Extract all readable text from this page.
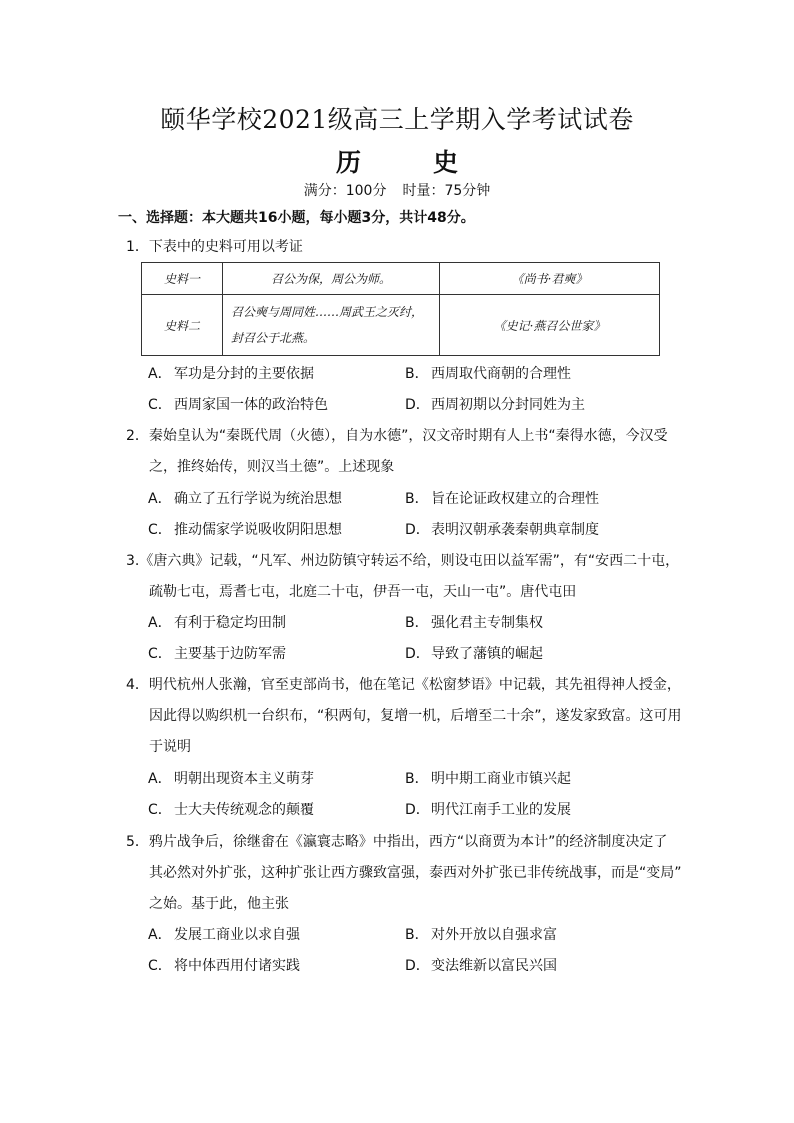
颐华学校2021级高三上学期入学考试试卷
历	史
满分：100分 时量：75分钟
一、选择题：本大题共16小题，每小题3分，共计48分。
1．下表中的史料可用以考证
史料一	召公为保，周公为师。	《尚书·君奭》
史料二	召公奭与周同姓……周武王之灭纣，
封召公于北燕。	《史记·燕召公世家》
A． 军功是分封的主要依据	B． 西周取代商朝的合理性
C． 西周家国一体的政治特色	D．西周初期以分封同姓为主
2．秦始皇认为“秦既代周（火德），自为水德”，汉文帝时期有人上书“秦得水德，今汉受
之，推终始传，则汉当土德”。上述现象
A． 确立了五行学说为统治思想	B． 旨在论证政权建立的合理性
C． 推动儒家学说吸收阴阳思想	D．表明汉朝承袭秦朝典章制度
3.《唐六典》记载，“凡军、州边防镇守转运不给，则设屯田以益军需”，有“安西二十屯，
疏勒七屯，焉耆七屯，北庭二十屯，伊吾一屯，天山一屯”。唐代屯田
A． 有利于稳定均田制	B． 强化君主专制集权
C． 主要基于边防军需	D．导致了藩镇的崛起
4．明代杭州人张瀚，官至吏部尚书，他在笔记《松窗梦语》中记载，其先祖得神人授金，
因此得以购织机一台织布，“积两旬，复增一机，后增至二十余”，遂发家致富。这可用
于说明
A． 明朝出现资本主义萌芽	B． 明中期工商业市镇兴起
C． 士大夫传统观念的颠覆	D．明代江南手工业的发展
5．鸦片战争后，徐继畬在《瀛寰志略》中指出，西方“以商贾为本计”的经济制度决定了
其必然对外扩张，这种扩张让西方骤致富强，泰西对外扩张已非传统战事，而是“变局”
之始。基于此，他主张
A． 发展工商业以求自强	B． 对外开放以自强求富
C． 将中体西用付诸实践	D．变法维新以富民兴国
